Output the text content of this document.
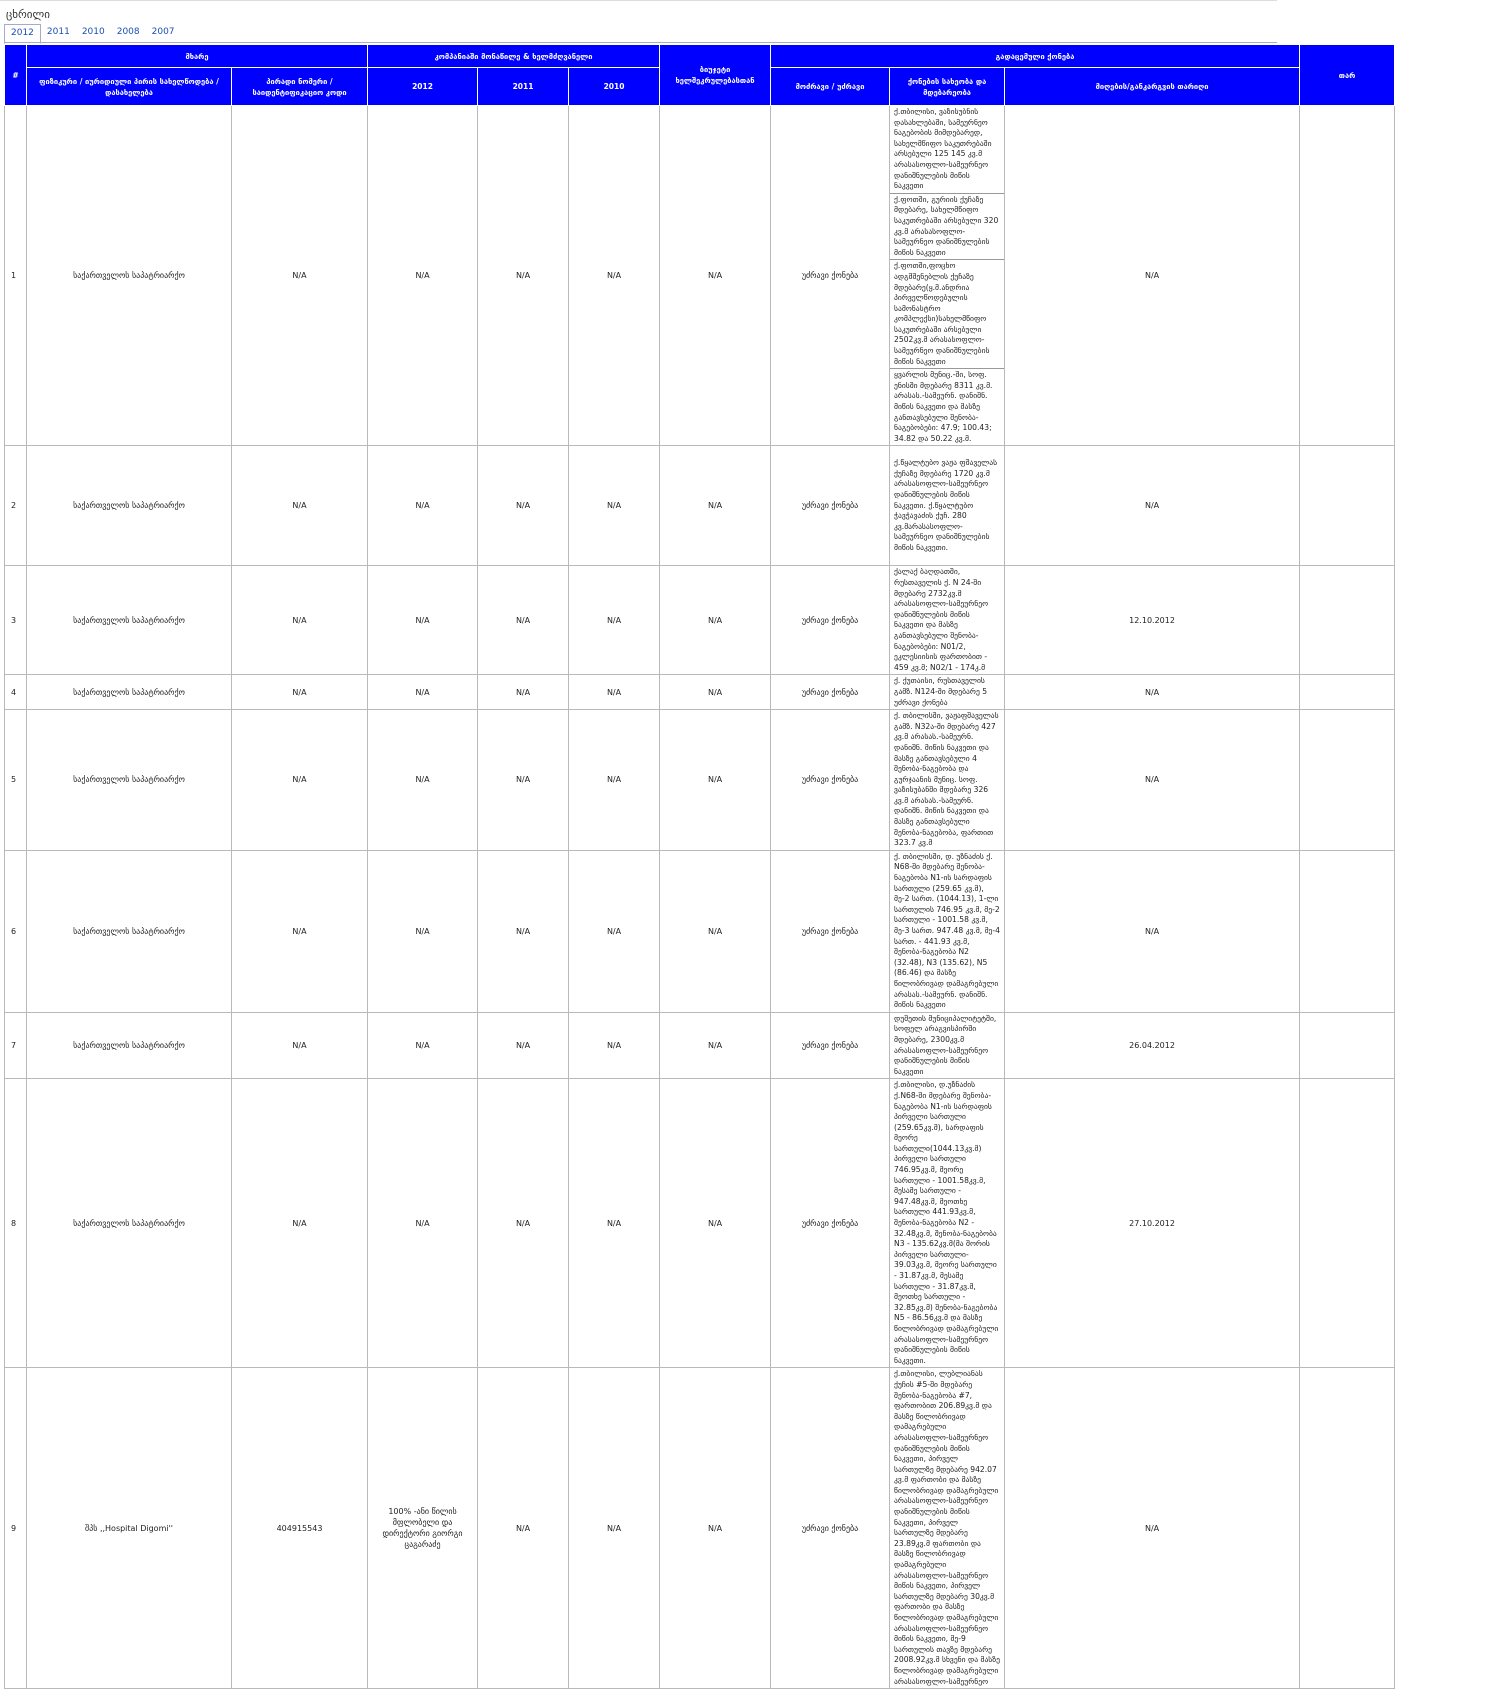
ცხრილი
2012	2011	2010	2008	2007
#	მხარე		კომპანიაში მონაწილე & ხელმძღვანელი			ბიუჯეტი ხელშეკრულებასთან	გადაცემული ქონება			თარ
	ფიზიკური / იურიდიული პირის სახელწოდება / დასახელება	პირადი ნომერი / საიდენტიფიკაციო კოდი	2012	2011	2010		მოძრავი / უძრავი	ქონების სახეობა და მდებარეობა	მიღების/განკარგვის თარიღი	
1	საქართველოს საპატრიარქო	N/A	N/A	N/A	N/A	N/A	უძრავი ქონება	ქ.თბილისი, ვაზისუბნის დასახლებაში, სამეურნეო ნაგებობის მიმდებარედ, სახელმწიფო საკუთრებაში არსებული 125 145 კვ.მ არასასოფლო-სამეურნეო დანიშნულების მიწის ნაკვეთი
ქ.ფოთში, გურიის ქუჩაზე მდებარე, სახელმწიფო საკუთრებაში არსებული 320 კვ.მ არასასოფლო-სამეურნეო დანიშნულების მიწის ნაკვეთი
ქ.ფოთში,ფოცხო ადგმშენებლის ქუჩაზე მდებარე(ყ.მ.ანდრია პირველწოდებულის სამონასტრო კომპლექსი)სახელმწიფო საკუთრებაში არსებული 2502კვ.მ არასასოფლო-სამეურნეო დანიშნულების მიწის ნაკვეთი
ყვარლის მუნიც.-ში, სოფ. ენისში მდებარე 8311 კვ.მ. არასას.-სამეურნ. დანიშნ. მიწის ნაკვეთი და მასზე განთავსებული შენობა-ნაგებობები: 47.9; 100.43; 34.82 და 50.22 კვ.მ.	N/A	
2	საქართველოს საპატრიარქო	N/A	N/A	N/A	N/A	N/A	უძრავი ქონება	ქ.წყალტუბო ვაჟა ფშაველას ქუჩაზე მდებარე 1720 კვ.მ არასასოფლო-სამეურნეო დანიშნულების მიწის ნაკვეთი. ქ.წყალტუბო ჭავჭავაძის ქუჩ. 280 კვ.მარასასოფლო-სამეურნეო დანიშნულების მიწის ნაკვეთი.	N/A	
3	საქართველოს საპატრიარქო	N/A	N/A	N/A	N/A	N/A	უძრავი ქონება	ქალაქ ბაღდათში, რუსთაველის ქ. N 24-ში მდებარე 2732კვ.მ არასასოფლო-სამეურნეო დანიშნულების მიწის ნაკვეთი და მასზე განთავსებული შენობა-ნაგებობები: N01/2, ეკლესიისის ფართობით - 459 კვ.მ; N02/1 - 174კ.მ	12.10.2012	
4	საქართველოს საპატრიარქო	N/A	N/A	N/A	N/A	N/A	უძრავი ქონება	ქ. ქუთაისი, რუსთაველის გამზ. N124-ში მდებარე 5 უძრავი ქონება	N/A	
5	საქართველოს საპატრიარქო	N/A	N/A	N/A	N/A	N/A	უძრავი ქონება	ქ. თბილისში, ვაჟაფშაველას გამზ. N32ა-ში მდებარე 427 კვ.მ არასას.-სამეურნ. დანიშნ. მიწის ნაკვეთი და მასზე განთავსებული 4 შენობა-ნაგებობა და გურჯაანის მუნიც. სოფ. ვაზისუბანში მდებარე 326 კვ.მ არასას.-სამეურნ. დანიშნ. მიწის ნაკვეთი და მასზე განთავსებული შენობა-ნაგებობა, ფართით 323.7 კვ.მ	N/A	
6	საქართველოს საპატრიარქო	N/A	N/A	N/A	N/A	N/A	უძრავი ქონება	ქ. თბილისში, დ. უზნაძის ქ. N68-ში მდებარე შენობა-ნაგებობა N1-ის სარდაფის სართული (259.65 კვ.მ), მე-2 სართ. (1044.13), 1-ლი სართულის 746.95 კვ.მ, მე-2 სართული - 1001.58 კვ.მ, მე-3 სართ. 947.48 კვ.მ, მე-4 სართ. - 441.93 კვ.მ, შენობა-ნაგებობა N2 (32.48), N3 (135.62), N5 (86.46) და მასზე წილობრივად დამაგრებული არასას.-სამეურნ. დანიშნ. მიწის ნაკვეთი	N/A	
7	საქართველოს საპატრიარქო	N/A	N/A	N/A	N/A	N/A	უძრავი ქონება	დუშეთის მუნიციპალიტეტში, სოფელ არაგვისპირში მდებარე, 2300კვ.მ არასასოფლო-სამეურნეო დანიშნულების მიწის ნაკვეთი	26.04.2012	
8	საქართველოს საპატრიარქო	N/A	N/A	N/A	N/A	N/A	უძრავი ქონება	ქ.თბილისი, დ.უზნაძის ქ.N68-ში მდებარე შენობა-ნაგებობა N1-ის სარდაფის პირველი სართული (259.65კვ.მ), სარდაფის მეორე სართული(1044.13კვ.მ) პირველი სართული 746.95კვ.მ, მეორე სართული - 1001.58კვ.მ, მესამე სართული - 947.48კვ.მ, მეოთხე სართული 441.93კვ.მ, შენობა-ნაგებობა N2 - 32.48კვ.მ, შენობა-ნაგებობა N3 - 135.62კვ.მ(მა შორის პირველი სართული- 39.03კვ.მ, მეორე სართული - 31.87კვ.მ, მესამე სართული - 31.87კვ.მ, მეოთხე სართული - 32.85კვ.მ) შენობა-ნაგებობა N5 - 86.56კვ.მ და მასზე წილობრივად დამაგრებული არასასოფლო-სამეურნეო დანიშნულების მიწის ნაკვეთი.	27.10.2012	
9	შპს ,,Hospital Digomi''	404915543	100% -ანი წილის მფლობელი და დირექტორი გიორგი ცაგარაძე	N/A	N/A	N/A	უძრავი ქონება	ქ.თბილისი, ლუბლიანას ქუჩის #5-ში მდებარე შენობა-ნაგებობა #7, ფართობით 206.89კვ.მ და მასზე წილობრივად დამაგრებული არასასოფლო-სამეურნეო დანიშნულების მიწის ნაკვეთი, პირველ სართულზე მდებარე 942.07 კვ.მ ფართობი და მასზე წილობრივად დამაგრებული არასასოფლო-სამეურნეო დანიშნულების მიწის ნაკვეთი, პირველ სართულზე მდებარე 23.89კვ.მ ფართობი და მასზე წილობრივად დამაგრებული არასასოფლო-სამეურნეო მიწის ნაკვეთი, პირველ სართულზე მდებარე 30კვ.მ ფართობი და მასზე წილობრივად დამაგრებული არასასოფლო-სამეურნეო მიწის ნაკვეთი, მე-9 სართულის თავზე მდებარე 2008.92კვ.მ სხვენი და მასზე წილობრივად დამაგრებული არასასოფლო-სამეურნეო	N/A	
